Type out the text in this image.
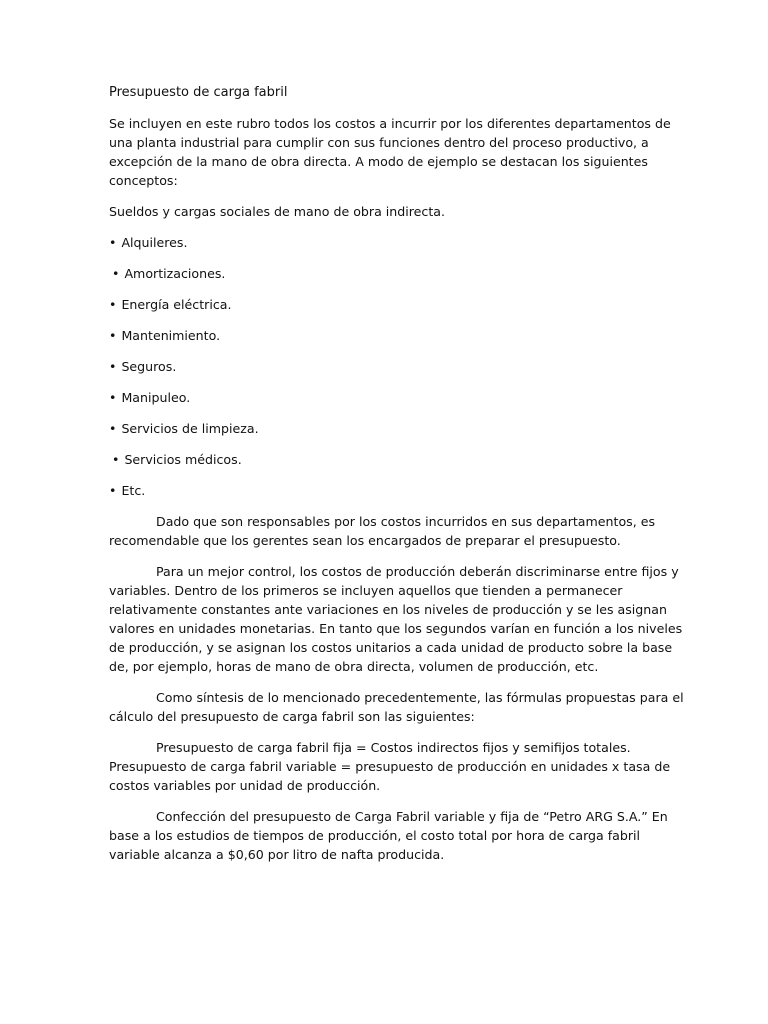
Presupuesto de carga fabril

Se incluyen en este rubro todos los costos a incurrir por los diferentes departamentos de una planta industrial para cumplir con sus funciones dentro del proceso productivo, a excepción de la mano de obra directa. A modo de ejemplo se destacan los siguientes conceptos:

Sueldos y cargas sociales de mano de obra indirecta.

• Alquileres.
• Amortizaciones.
• Energía eléctrica.
• Mantenimiento.
• Seguros.
• Manipuleo.
• Servicios de limpieza.
• Servicios médicos.
• Etc.

Dado que son responsables por los costos incurridos en sus departamentos, es recomendable que los gerentes sean los encargados de preparar el presupuesto.

Para un mejor control, los costos de producción deberán discriminarse entre fijos y variables. Dentro de los primeros se incluyen aquellos que tienden a permanecer relativamente constantes ante variaciones en los niveles de producción y se les asignan valores en unidades monetarias. En tanto que los segundos varían en función a los niveles de producción, y se asignan los costos unitarios a cada unidad de producto sobre la base de, por ejemplo, horas de mano de obra directa, volumen de producción, etc.

Como síntesis de lo mencionado precedentemente, las fórmulas propuestas para el cálculo del presupuesto de carga fabril son las siguientes:

Presupuesto de carga fabril fija = Costos indirectos fijos y semifijos totales.
Presupuesto de carga fabril variable = presupuesto de producción en unidades x tasa de costos variables por unidad de producción.

Confección del presupuesto de Carga Fabril variable y fija de “Petro ARG S.A.” En base a los estudios de tiempos de producción, el costo total por hora de carga fabril variable alcanza a $0,60 por litro de nafta producida.
